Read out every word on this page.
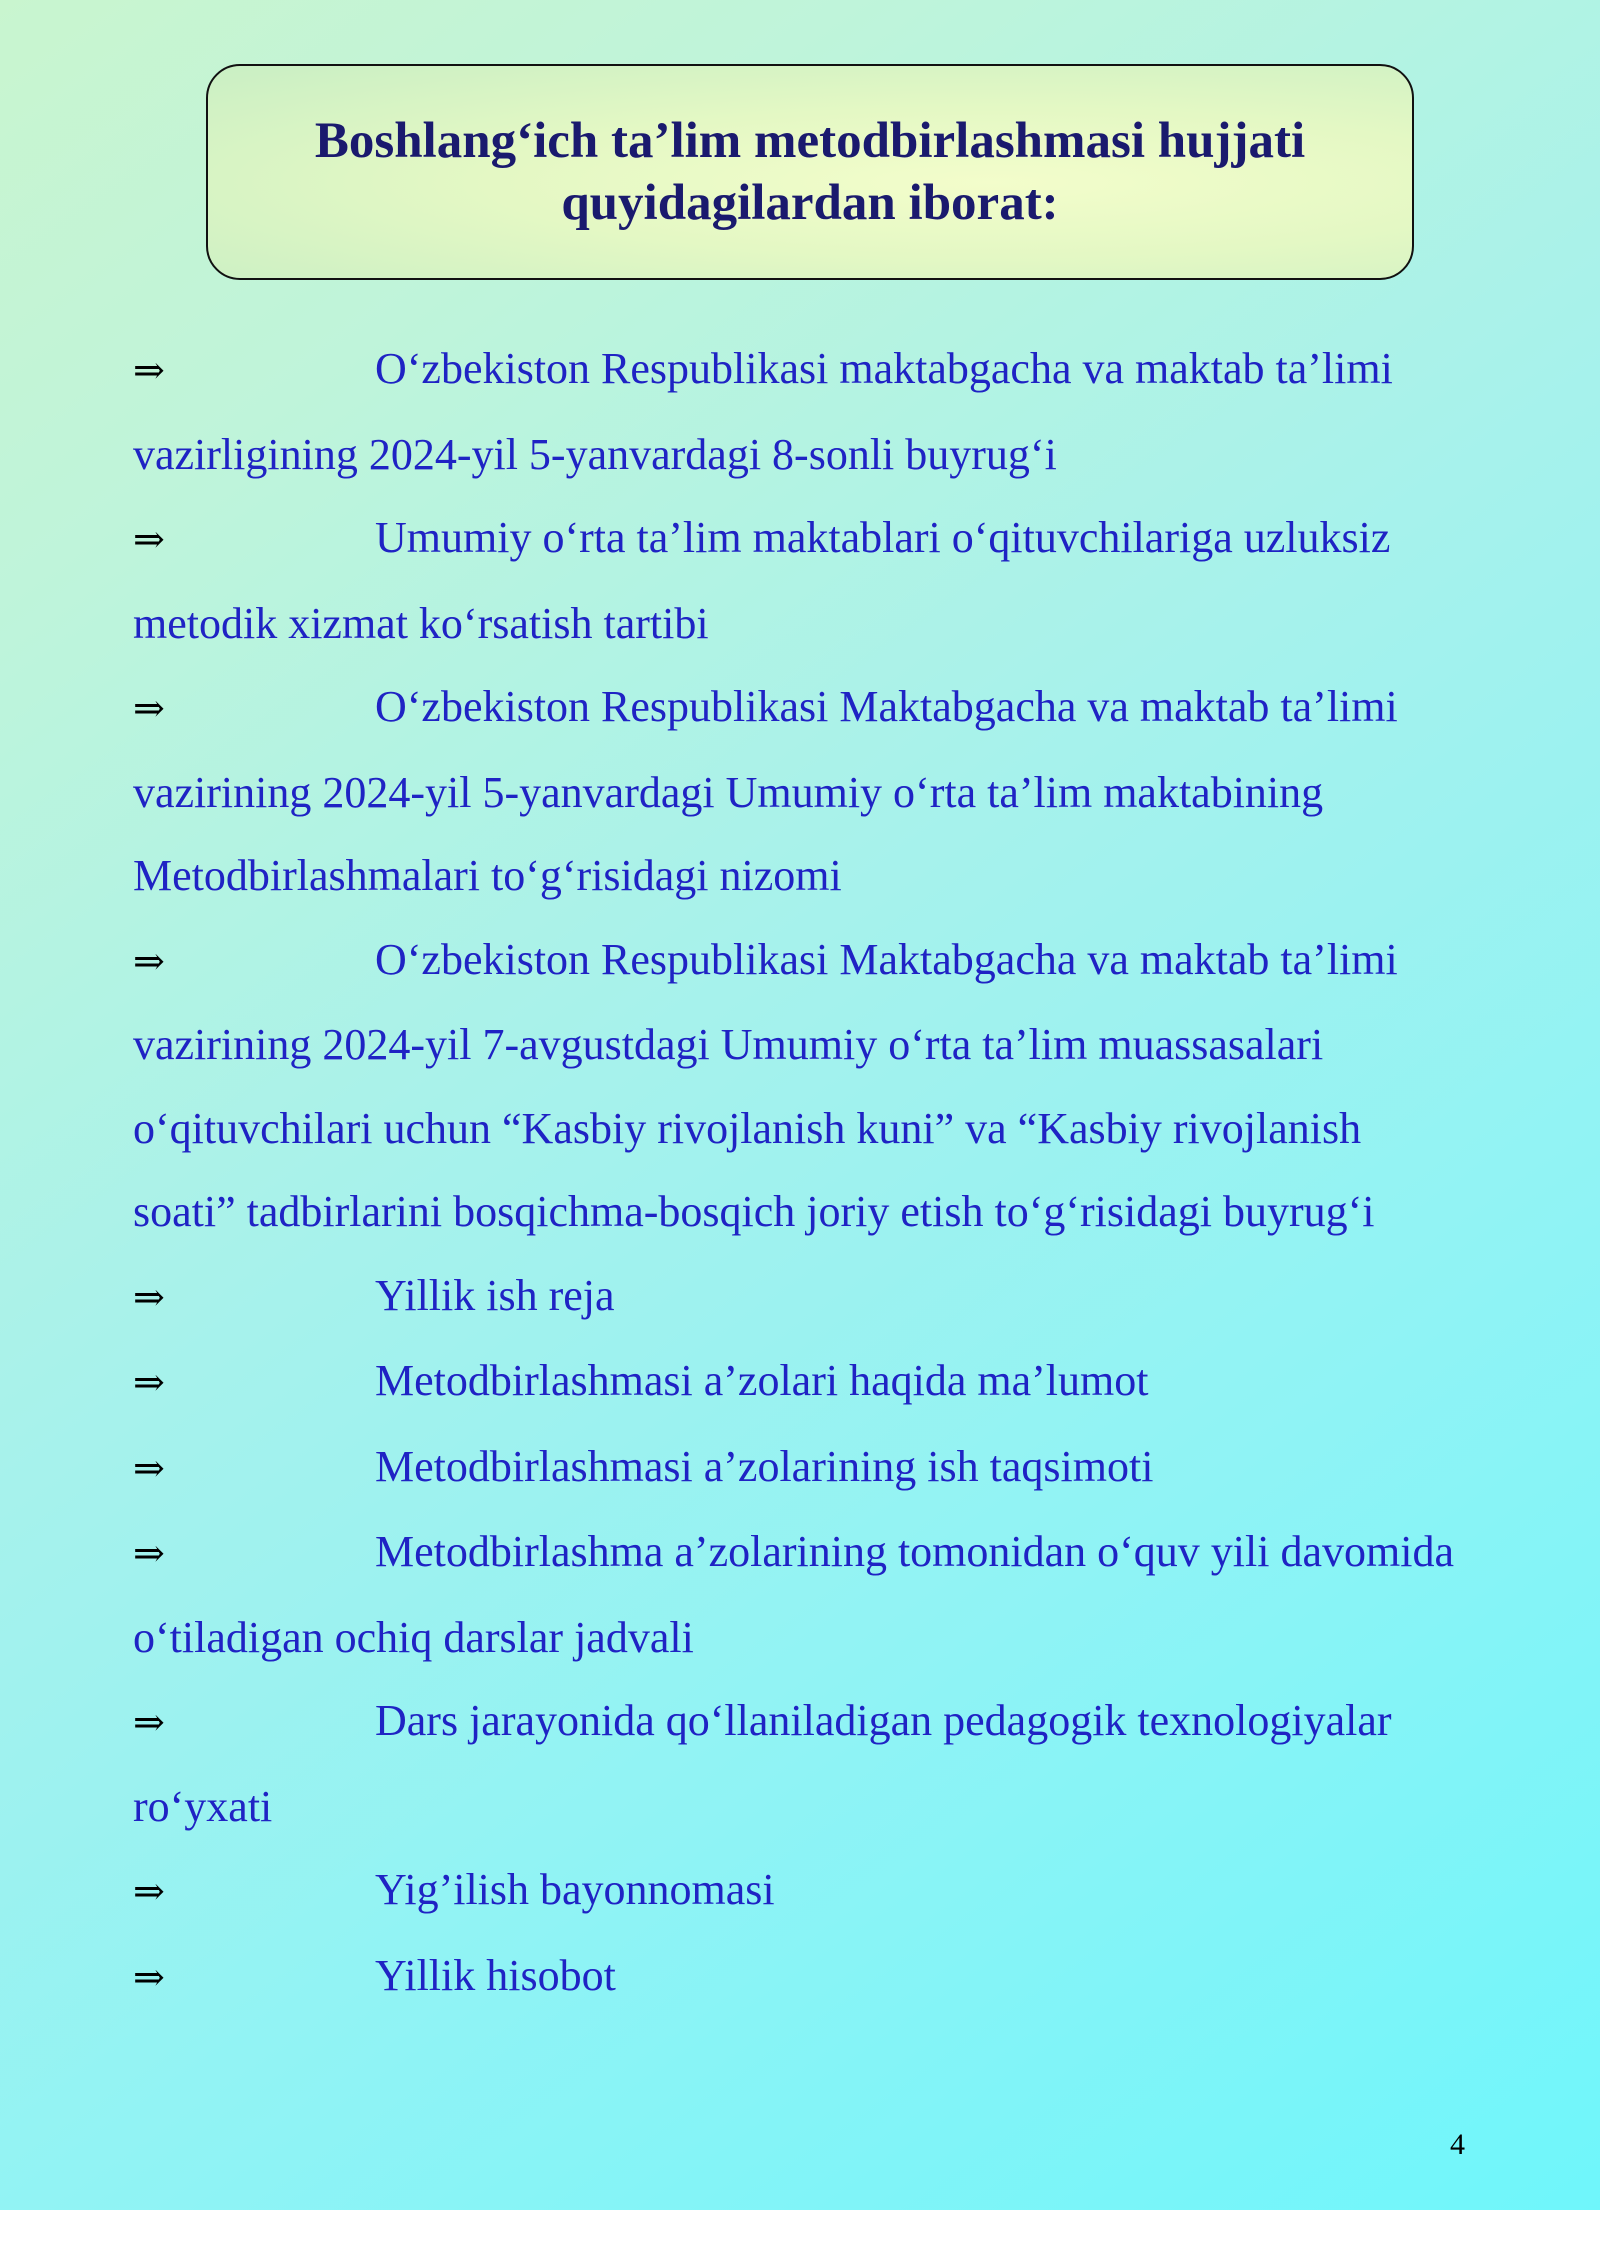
Boshlang‘ich ta’lim metodbirlashmasi hujjati
quyidagilardan iborat:
⇒	O‘zbekiston Respublikasi maktabgacha va maktab ta’limi vazirligining 2024-yil 5-yanvardagi 8-sonli buyrug‘i
⇒	Umumiy o‘rta ta’lim maktablari o‘qituvchilariga uzluksiz metodik xizmat ko‘rsatish tartibi
⇒	O‘zbekiston Respublikasi Maktabgacha va maktab ta’limi vazirining 2024-yil 5-yanvardagi Umumiy o‘rta ta’lim maktabining Metodbirlashmalari to‘g‘risidagi nizomi
⇒	O‘zbekiston Respublikasi Maktabgacha va maktab ta’limi vazirining 2024-yil 7-avgustdagi Umumiy o‘rta ta’lim muassasalari o‘qituvchilari uchun “Kasbiy rivojlanish kuni” va “Kasbiy rivojlanish soati” tadbirlarini bosqichma-bosqich joriy etish to‘g‘risidagi buyrug‘i
⇒	Yillik ish reja
⇒	Metodbirlashmasi a’zolari haqida ma’lumot
⇒	Metodbirlashmasi a’zolarining ish taqsimoti
⇒	Metodbirlashma a’zolarining tomonidan o‘quv yili davomida o‘tiladigan ochiq darslar jadvali
⇒	Dars jarayonida qo‘llaniladigan pedagogik texnologiyalar ro‘yxati
⇒	Yig’ilish bayonnomasi
⇒	Yillik hisobot
4
